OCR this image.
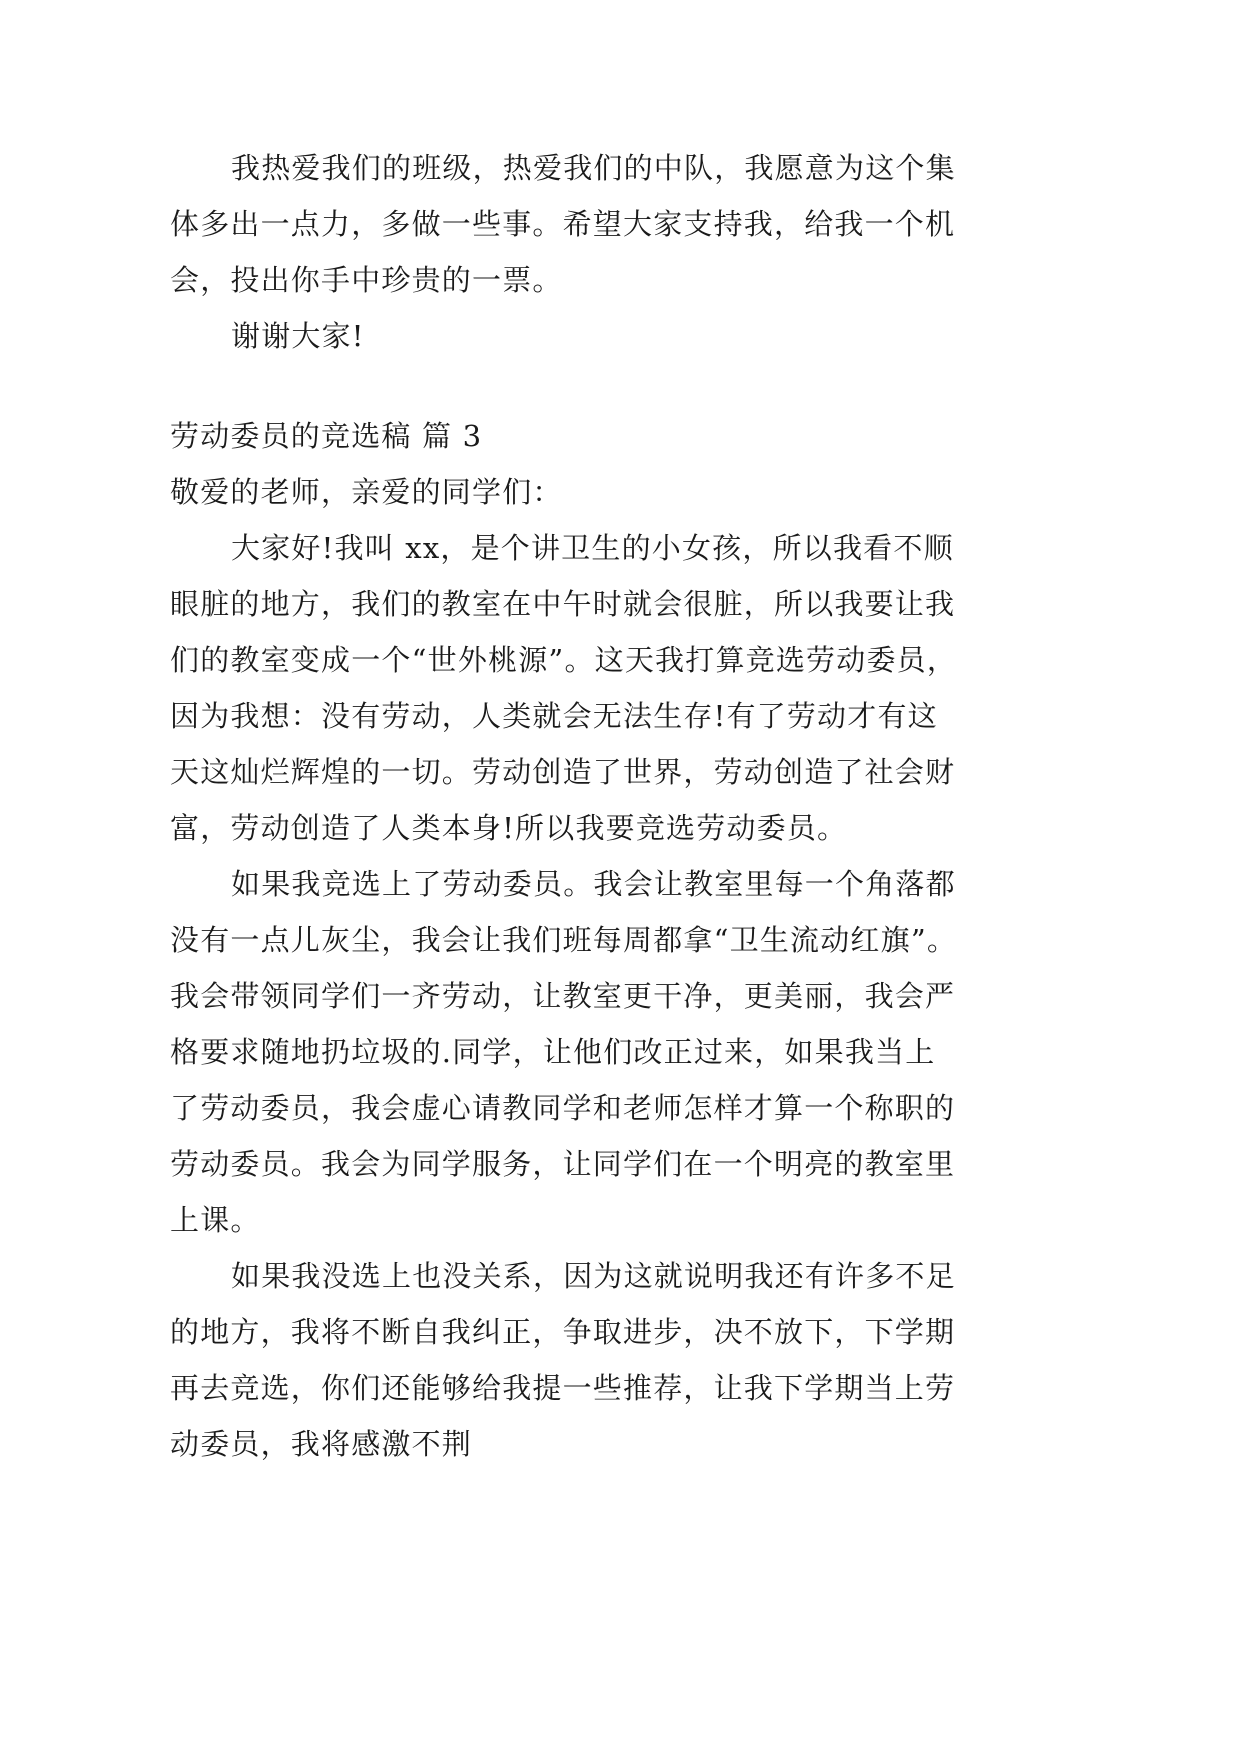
我热爱我们的班级，热爱我们的中队，我愿意为这个集
体多出一点力，多做一些事。希望大家支持我，给我一个机
会，投出你手中珍贵的一票。
谢谢大家!
劳动委员的竞选稿 篇 3
敬爱的老师，亲爱的同学们：
大家好!我叫 xx，是个讲卫生的小女孩，所以我看不顺
眼脏的地方，我们的教室在中午时就会很脏，所以我要让我
们的教室变成一个“世外桃源”。这天我打算竞选劳动委员，
因为我想：没有劳动，人类就会无法生存!有了劳动才有这
天这灿烂辉煌的一切。劳动创造了世界，劳动创造了社会财
富，劳动创造了人类本身!所以我要竞选劳动委员。
如果我竞选上了劳动委员。我会让教室里每一个角落都
没有一点儿灰尘，我会让我们班每周都拿“卫生流动红旗”。
我会带领同学们一齐劳动，让教室更干净，更美丽，我会严
格要求随地扔垃圾的.同学，让他们改正过来，如果我当上
了劳动委员，我会虚心请教同学和老师怎样才算一个称职的
劳动委员。我会为同学服务，让同学们在一个明亮的教室里
上课。
如果我没选上也没关系，因为这就说明我还有许多不足
的地方，我将不断自我纠正，争取进步，决不放下，下学期
再去竞选，你们还能够给我提一些推荐，让我下学期当上劳
动委员，我将感激不荆
